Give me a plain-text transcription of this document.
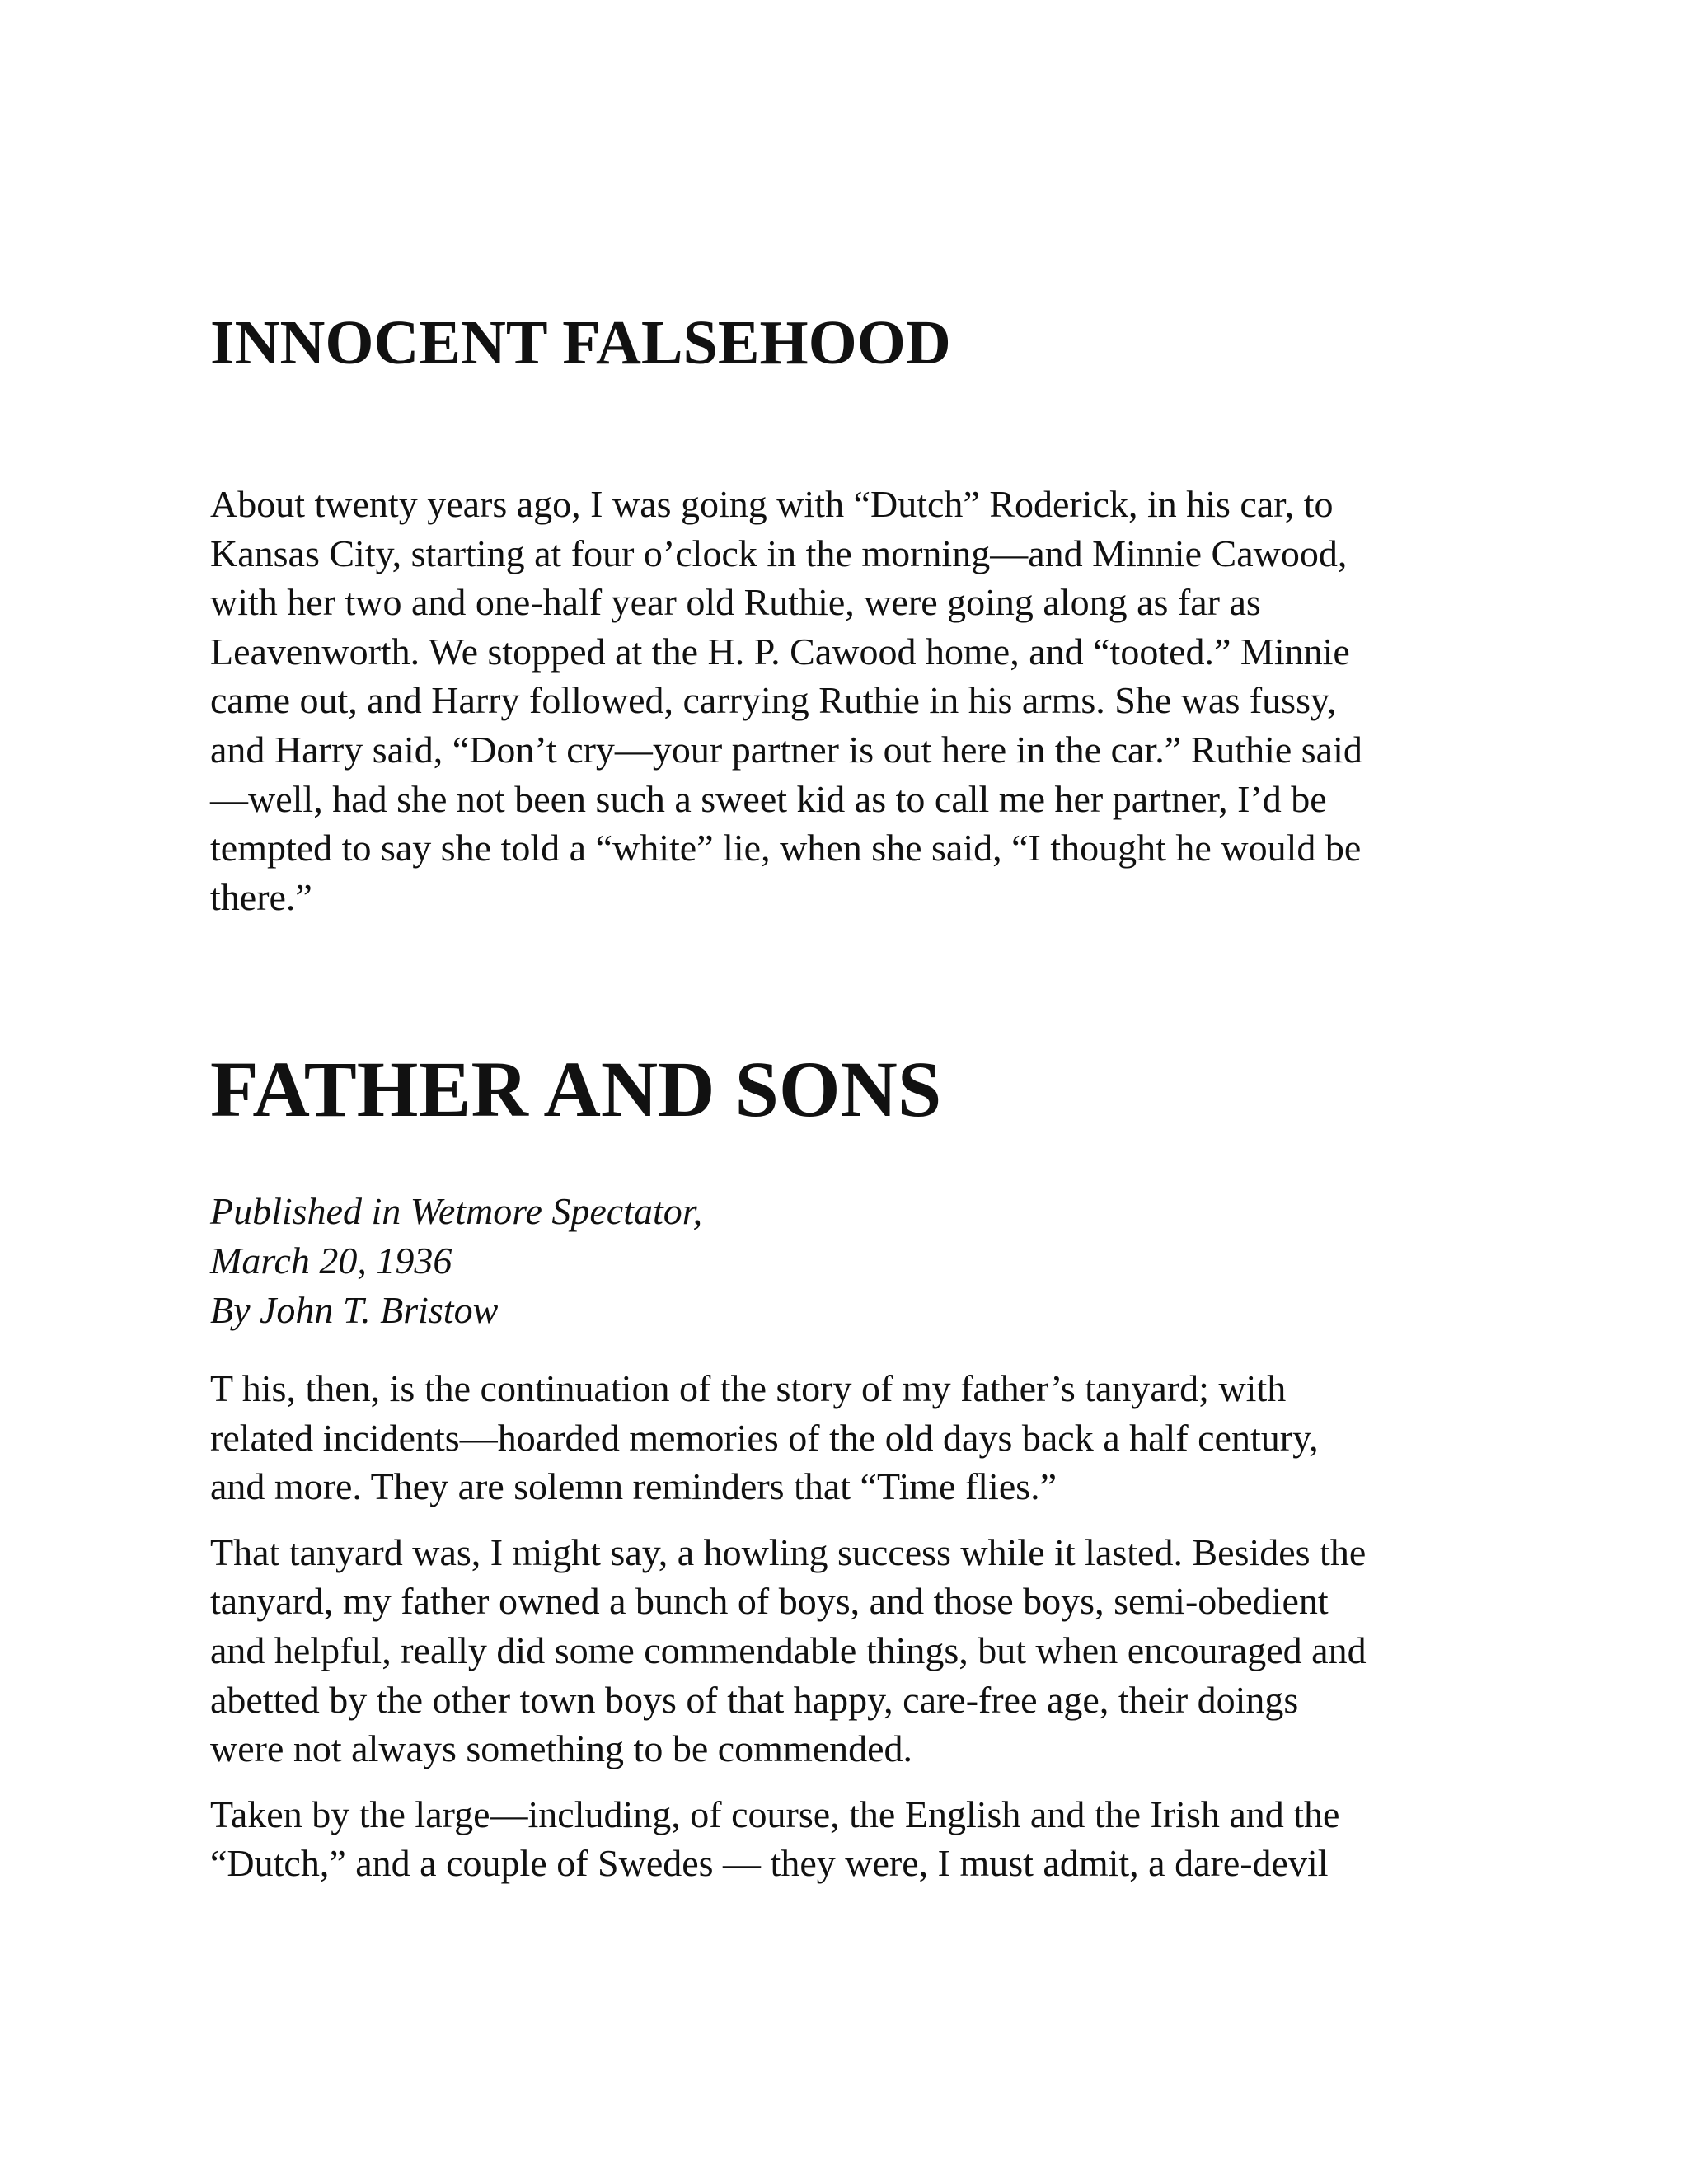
INNOCENT FALSEHOOD
About twenty years ago, I was going with “Dutch” Roderick, in his car, to
Kansas City, starting at four o’clock in the morning—and Minnie Cawood,
with her two and one-half year old Ruthie, were going along as far as
Leavenworth. We stopped at the H. P. Cawood home, and “tooted.” Minnie
came out, and Harry followed, carrying Ruthie in his arms. She was fussy,
and Harry said, “Don’t cry—your partner is out here in the car.” Ruthie said
—well, had she not been such a sweet kid as to call me her partner, I’d be
tempted to say she told a “white” lie, when she said, “I thought he would be
there.”
FATHER AND SONS
Published in Wetmore Spectator,
March 20, 1936
By John T. Bristow

T his, then, is the continuation of the story of my father’s tanyard; with
related incidents—hoarded memories of the old days back a half century,
and more. They are solemn reminders that “Time flies.”

That tanyard was, I might say, a howling success while it lasted. Besides the
tanyard, my father owned a bunch of boys, and those boys, semi-obedient
and helpful, really did some commendable things, but when encouraged and
abetted by the other town boys of that happy, care-free age, their doings
were not always something to be commended.

Taken by the large—including, of course, the English and the Irish and the
“Dutch,” and a couple of Swedes — they were, I must admit, a dare-devil
